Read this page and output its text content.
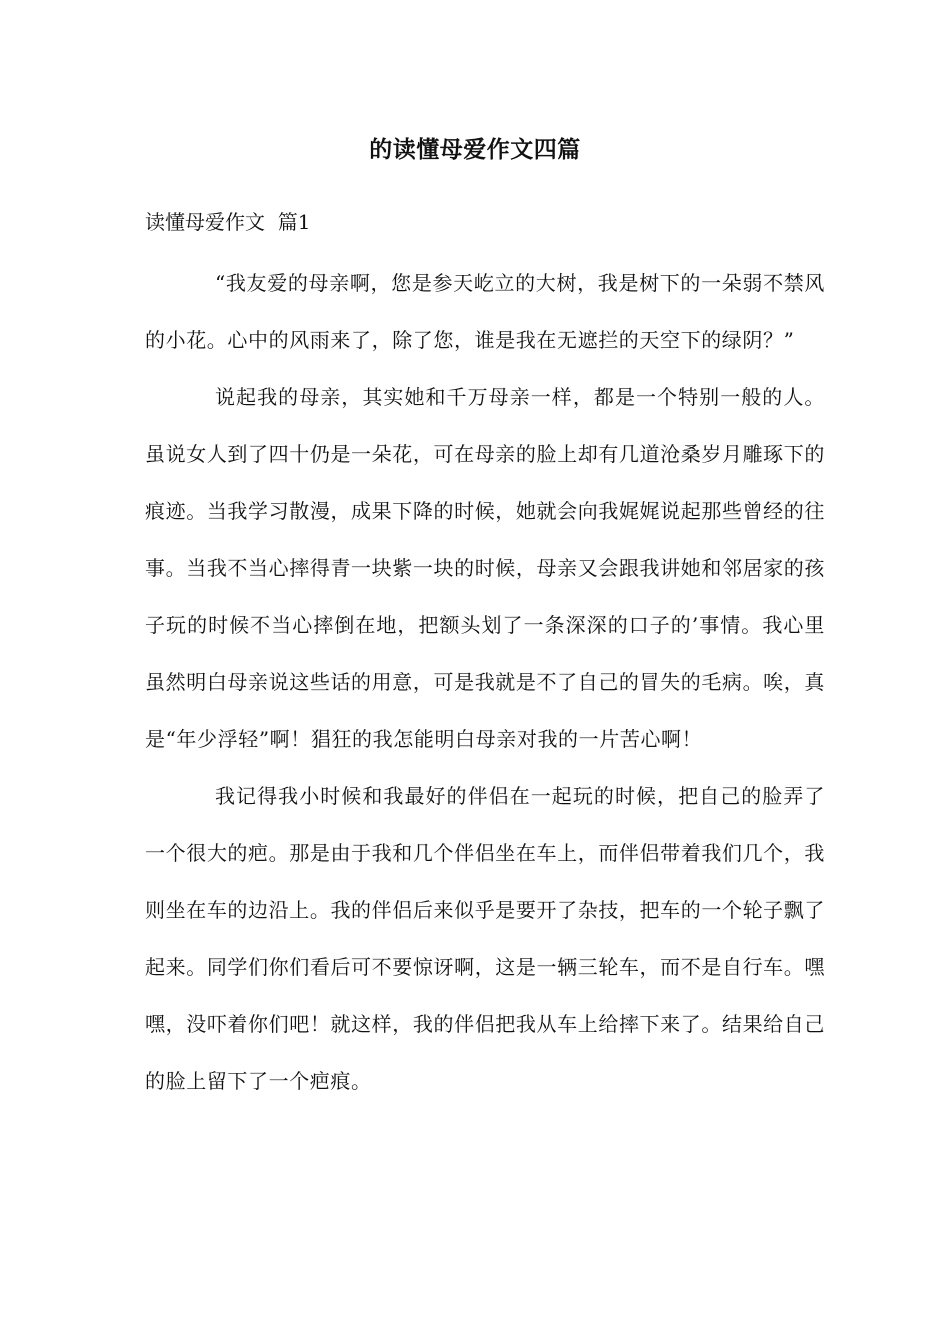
的读懂母爱作文四篇
读懂母爱作文  篇1

“我友爱的母亲啊，您是参天屹立的大树，我是树下的一朵弱不禁风的小花。心中的风雨来了，除了您，谁是我在无遮拦的天空下的绿阴？”

说起我的母亲，其实她和千万母亲一样，都是一个特别一般的人。虽说女人到了四十仍是一朵花，可在母亲的脸上却有几道沧桑岁月雕琢下的痕迹。当我学习散漫，成果下降的时候，她就会向我娓娓说起那些曾经的往事。当我不当心摔得青一块紫一块的时候，母亲又会跟我讲她和邻居家的孩子玩的时候不当心摔倒在地，把额头划了一条深深的口子的’事情。我心里虽然明白母亲说这些话的用意，可是我就是不了自己的冒失的毛病。唉，真是“年少浮轻”啊！猖狂的我怎能明白母亲对我的一片苦心啊！

我记得我小时候和我最好的伴侣在一起玩的时候，把自己的脸弄了一个很大的疤。那是由于我和几个伴侣坐在车上，而伴侣带着我们几个，我则坐在车的边沿上。我的伴侣后来似乎是要开了杂技，把车的一个轮子飘了起来。同学们你们看后可不要惊讶啊，这是一辆三轮车，而不是自行车。嘿嘿，没吓着你们吧！就这样，我的伴侣把我从车上给摔下来了。结果给自己的脸上留下了一个疤痕。
